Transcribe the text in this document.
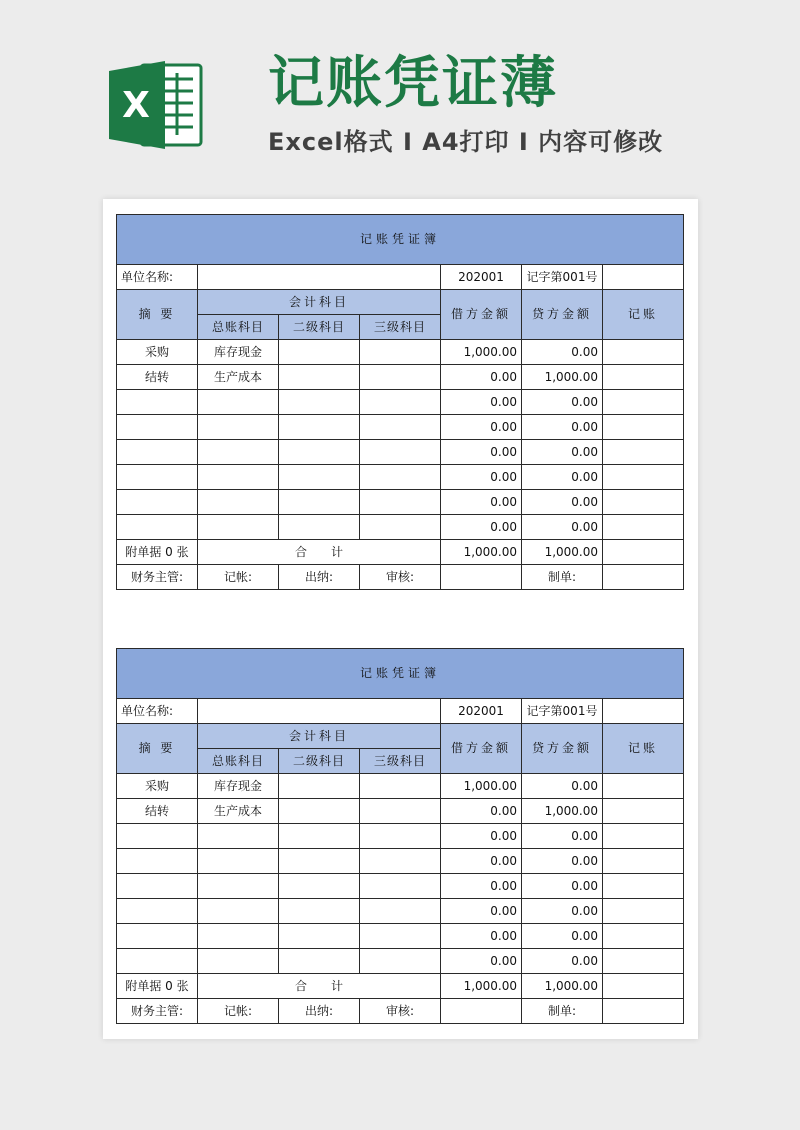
X 记账凭证薄
Excel格式 I A4打印 I 内容可修改
记账凭证簿						
单位名称:				202001	记字第001号	
摘 要	会计科目			借方金额	贷方金额	记账
	总账科目	二级科目	三级科目			
采购	库存现金			1,000.00	0.00	
结转	生产成本			0.00	1,000.00	
				0.00	0.00	
				0.00	0.00	
				0.00	0.00	
				0.00	0.00	
				0.00	0.00	
				0.00	0.00	
附单据 0 张	合　　计			1,000.00	1,000.00	
财务主管:	记帐:	出纳:	审核:		制单:	
记账凭证簿						
单位名称:				202001	记字第001号	
摘 要	会计科目			借方金额	贷方金额	记账
	总账科目	二级科目	三级科目			
采购	库存现金			1,000.00	0.00	
结转	生产成本			0.00	1,000.00	
				0.00	0.00	
				0.00	0.00	
				0.00	0.00	
				0.00	0.00	
				0.00	0.00	
				0.00	0.00	
附单据 0 张	合　　计			1,000.00	1,000.00	
财务主管:	记帐:	出纳:	审核:		制单:	
